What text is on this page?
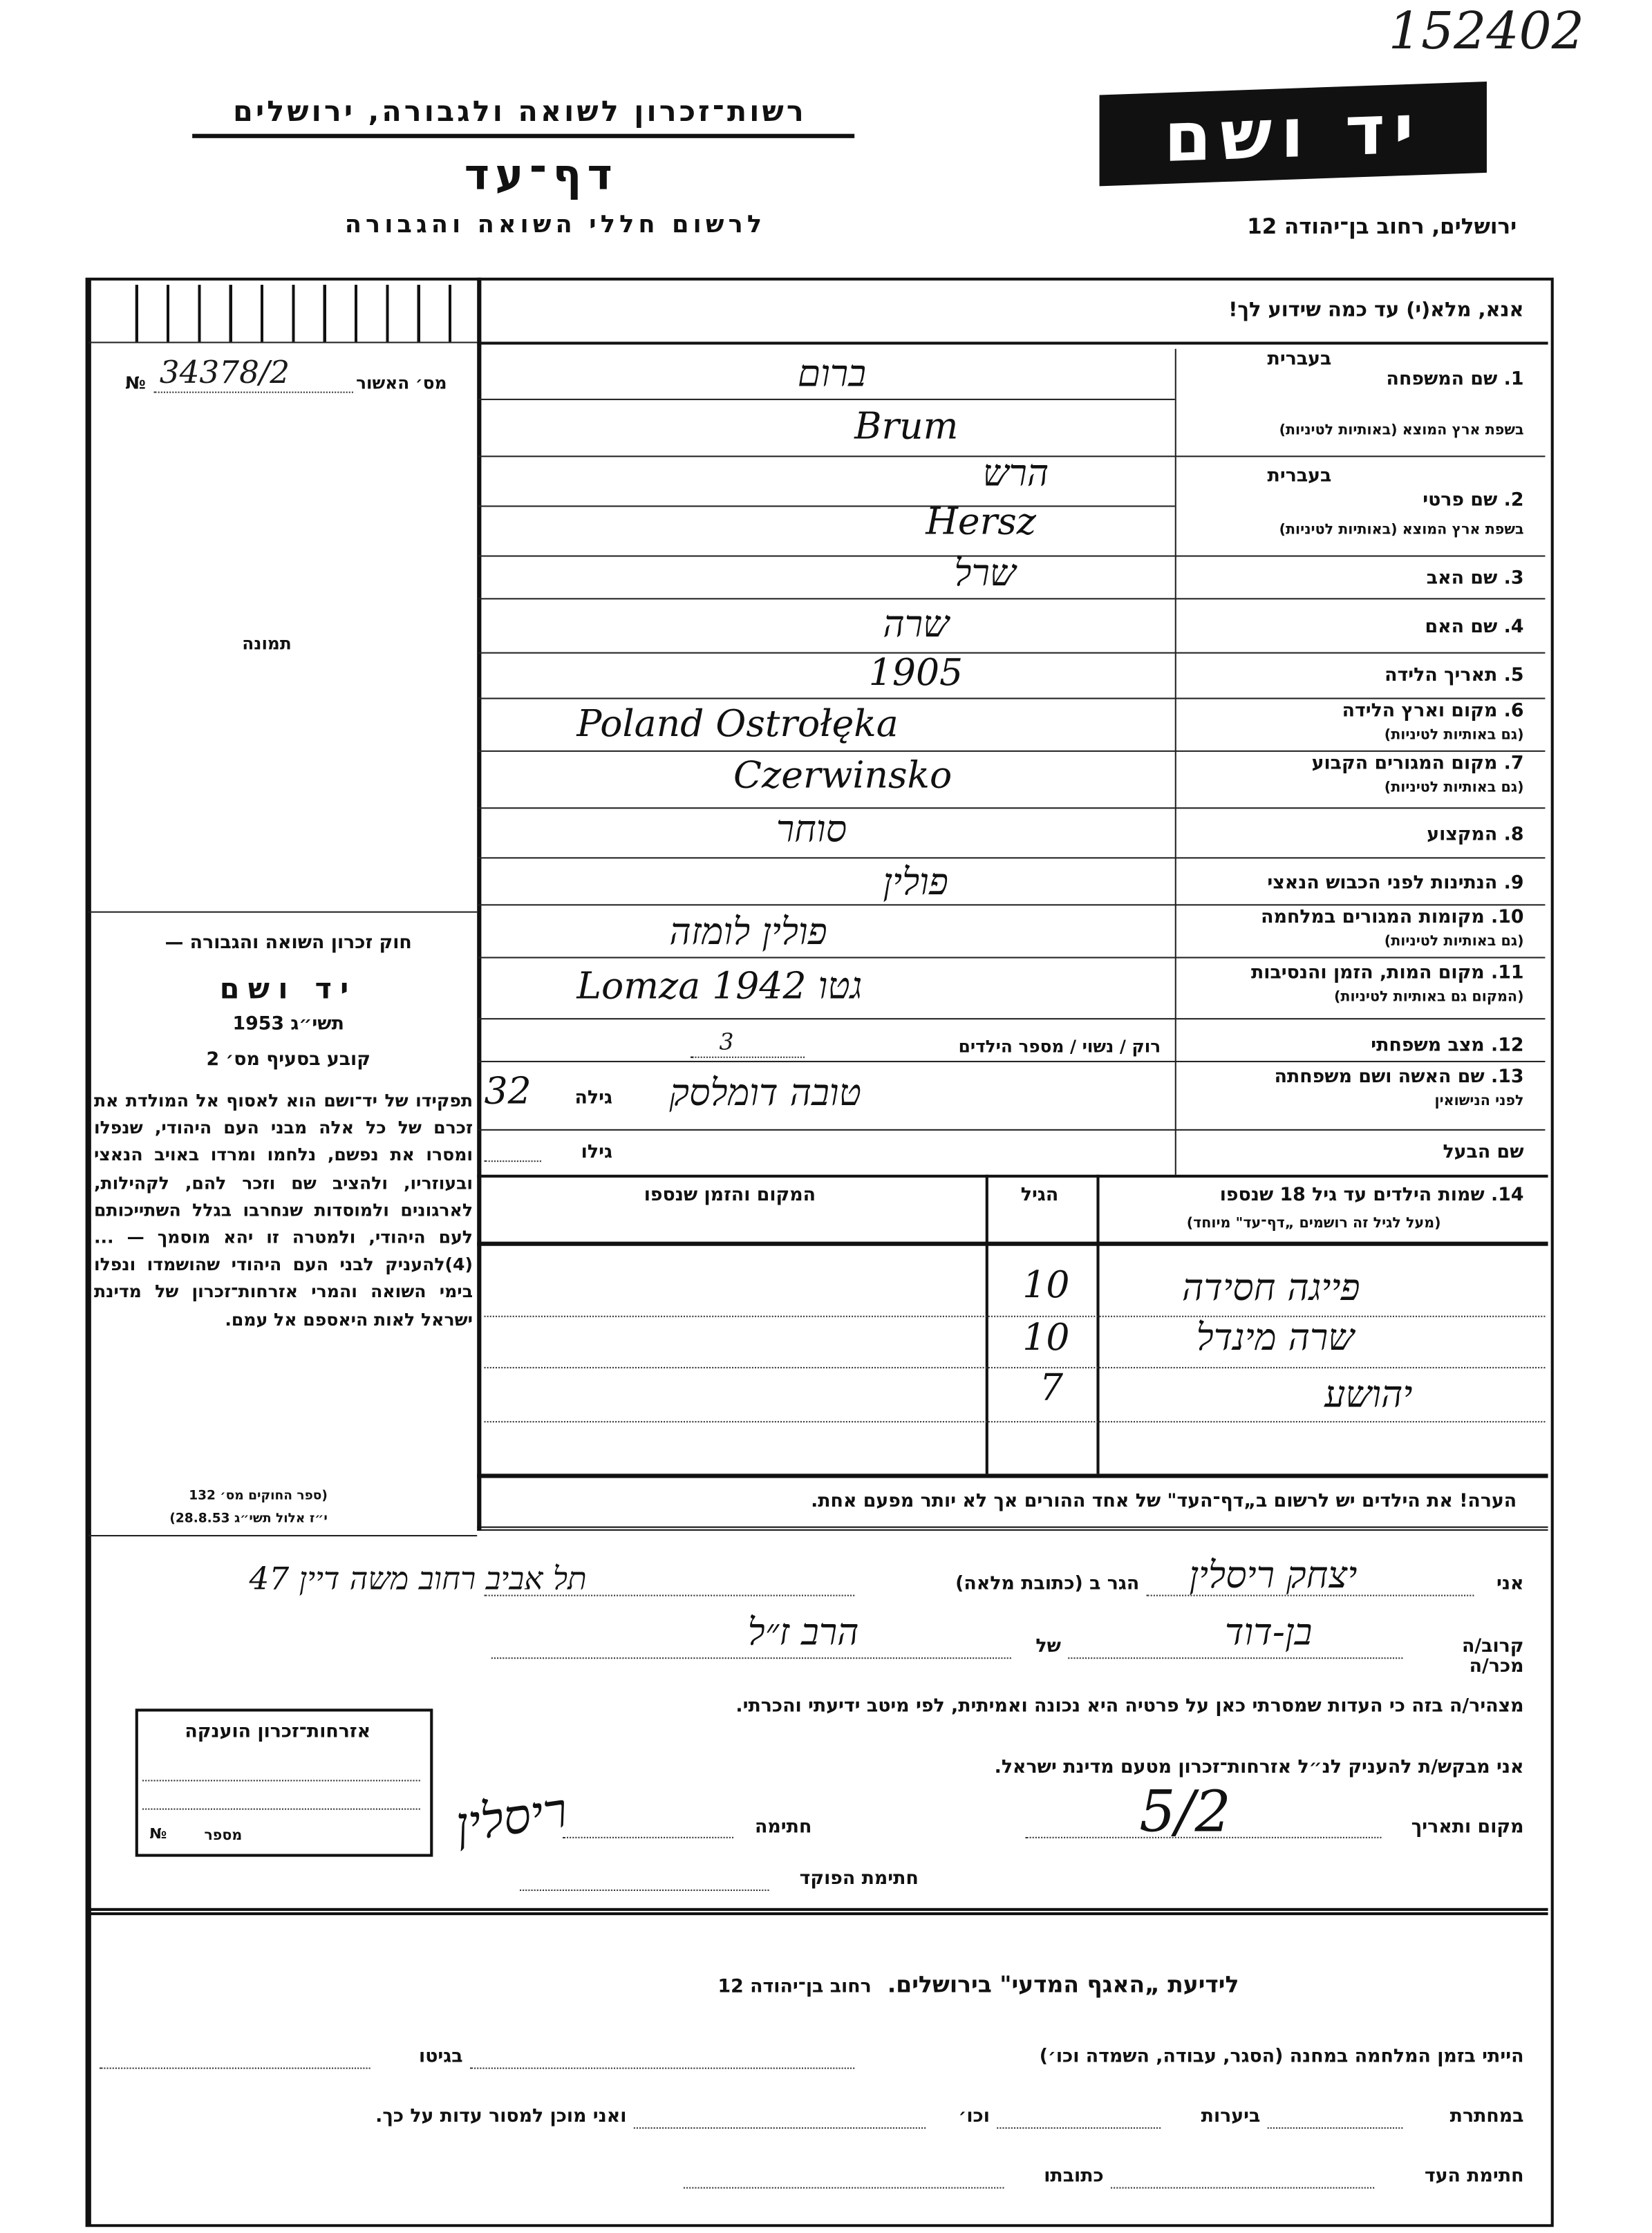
152402
רשות־זכרון לשואה ולגבורה, ירושלים
דף־עד
לרשום חללי השואה והגבורה
יד ושם
ירושלים, רחוב בן־יהודה 12
אנא, מלא(י) עד כמה שידוע לך!
№ 34378/2	מס׳ האשור
תמונה
חוק זכרון השואה והגבורה —
יד ושם
תשי״ג 1953
קובע בסעיף מס׳ 2
תפקידו של יד־ושם הוא לאסוף אל המולדת את זכרם של כל אלה מבני העם היהודי, שנפלו ומסרו את נפשם, נלחמו ומרדו באויב הנאצי ובעוזריו, ולהציב שם וזכר להם, לקהילות, לארגונים ולמוסדות שנחרבו בגלל השתייכותם לעם היהודי, ולמטרה זו יהא מוסמך — ...(4)להעניק לבני העם היהודי שהושמדו ונפלו בימי השואה והמרי אזרחות־זכרון של מדינת ישראל לאות היאספם אל עמם.
(ספר החוקים מס׳ 132
י״ז אלול תשי״ג 28.8.53)
1. שם המשפחה
בעברית
בשפת ארץ המוצא (באותיות לטיניות)
ברום
Brum
בעברית
2. שם פרטי
בשפת ארץ המוצא (באותיות לטיניות)
הרש
Hersz
3. שם האב
שרל
4. שם האם
שרה
5. תאריך הלידה
1905
6. מקום וארץ הלידה
(גם באותיות לטיניות)
Poland Ostrołęka
7. מקום המגורים הקבוע
(גם באותיות לטיניות)
Czerwinsko
8. המקצוע
סוחר
9. הנתינות לפני הכבוש הנאצי
פולין
10. מקומות המגורים במלחמה
(גם באותיות לטיניות)
פולין לומזה
11. מקום המות, הזמן והנסיבות
(המקום גם באותיות לטיניות)
Lomza 1942 גטו
12. מצב משפחתי
רוק / נשוי / מספר הילדים
3
13. שם האשה ושם משפחתה
לפני הנישואין
טובה דומלסק
גילה
32
שם הבעל
גילו
14. שמות הילדים עד גיל 18 שנספו
(מעל לגיל זה רושמים „דף־עד" מיוחד)
הגיל
המקום והזמן שנספו
פייגה חסידה
10
שרה מינדל
10
יהושע
7
הערה! את הילדים יש לרשום ב„דף־העד" של אחד ההורים אך לא יותר מפעם אחת.
אני
יצחק ריסלין
הגר ב (כתובת מלאה)
תל אביב רחוב משה דיין 47
קרוב/ה מכר/ה
בן-דוד
של
הרב ז״ל
מצהיר/ה בזה כי העדות שמסרתי כאן על פרטיה היא נכונה ואמיתית, לפי מיטב ידיעתי והכרתי.
אני מבקש/ת להעניק לנ״ל אזרחות־זכרון מטעם מדינת ישראל.
מקום ותאריך
5/2
חתימה
ריסלין
חתימת הפוקד
אזרחות־זכרון הוענקה
מספר
№
לידיעת „האגף המדעי" בירושלים.  רחוב בן־יהודה 12
הייתי בזמן המלחמה במחנה (הסגר, עבודה, השמדה וכו׳)
בגיטו
במחתרת
ביערות
וכו׳
ואני מוכן למסור עדות על כך.
חתימת העד
כתובתו
